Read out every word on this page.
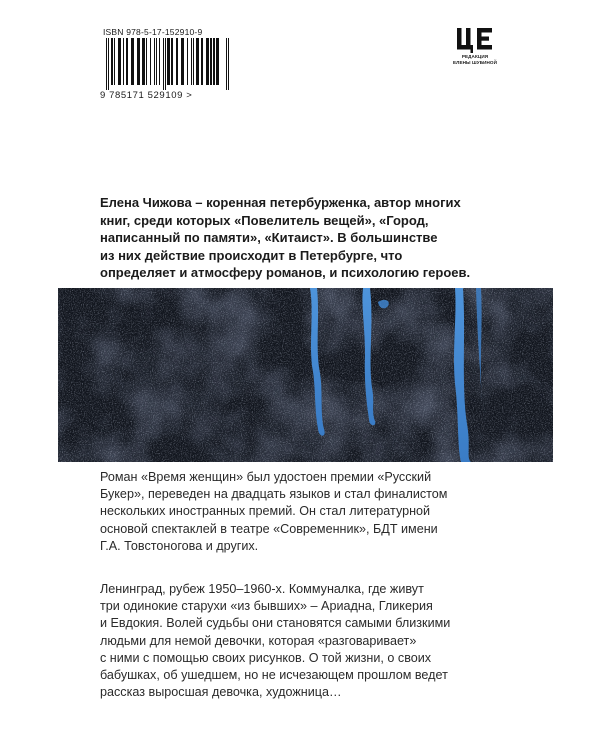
ISBN 978-5-17-152910-9
9 785171 529109 >
РЕДАКЦИЯ
ЕЛЕНЫ ШУБИНОЙ
Елена Чижова – коренная петербурженка, автор многих
книг, среди которых «Повелитель вещей», «Город,
написанный по памяти», «Китаист». В большинстве
из них действие происходит в Петербурге, что
определяет и атмосферу романов, и психологию героев.
Роман «Время женщин» был удостоен премии «Русский
Букер», переведен на двадцать языков и стал финалистом
нескольких иностранных премий. Он стал литературной
основой спектаклей в театре «Современник», БДТ имени
Г.А. Товстоногова и других.
Ленинград, рубеж 1950–1960-х. Коммуналка, где живут
три одинокие старухи «из бывших» – Ариадна, Гликерия
и Евдокия. Волей судьбы они становятся самыми близкими
людьми для немой девочки, которая «разговаривает»
с ними с помощью своих рисунков. О той жизни, о своих
бабушках, об ушедшем, но не исчезающем прошлом ведет
рассказ выросшая девочка, художница…
